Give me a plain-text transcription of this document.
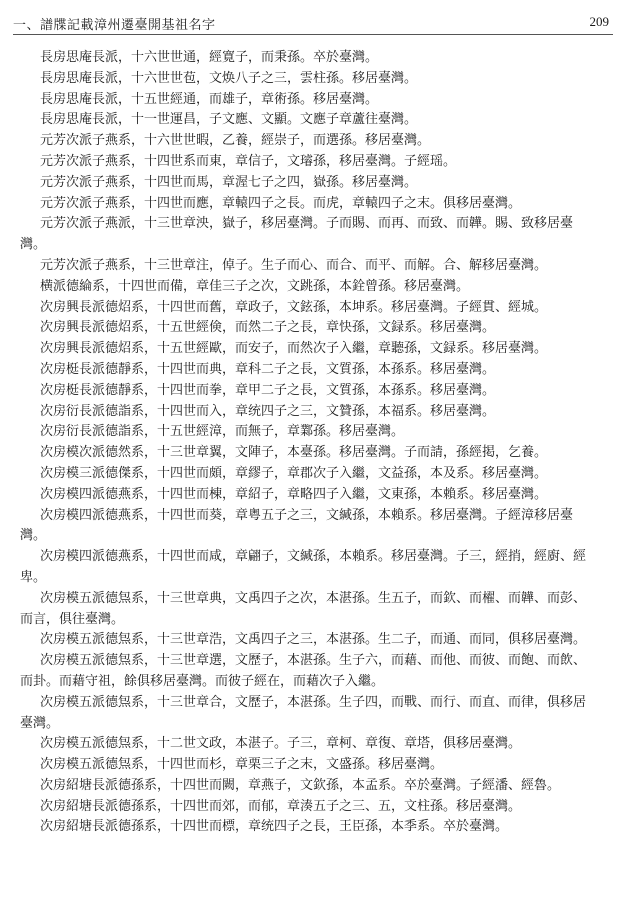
一、譜牒記載漳州遷臺開基祖名字	209
長房思庵長派，十六世世通，經寛子，而秉孫。卒於臺灣。
長房思庵長派，十六世世苞，文焕八子之三，雲柱孫。移居臺灣。
長房思庵長派，十五世經通，而雄子，章術孫。移居臺灣。
長房思庵長派，十一世運昌，子文應、文顯。文應子章蘆往臺灣。
元芳次派子燕系，十六世世暇，乙養，經崇子，而選孫。移居臺灣。
元芳次派子燕系，十四世系而東，章信子，文璿孫，移居臺灣。子經瑶。
元芳次派子燕系，十四世而馬，章渥七子之四，嶽孫。移居臺灣。
元芳次派子燕系，十四世而應，章轅四子之長。而虎，章轅四子之末。俱移居臺灣。
元芳次派子燕派，十三世章泱，嶽子，移居臺灣。子而賜、而再、而致、而韡。賜、致移居臺灣。
元芳次派子燕系，十三世章注，倬子。生子而心、而合、而平、而解。合、解移居臺灣。
横派德綸系，十四世而備，章佳三子之次，文跳孫，本銓曾孫。移居臺灣。
次房興長派德炤系，十四世而舊，章政子，文鉉孫，本坤系。移居臺灣。子經貫、經城。
次房興長派德炤系，十五世經倹，而然二子之長，章快孫，文録系。移居臺灣。
次房興長派德炤系，十五世經歐，而安子，而然次子入繼，章聽孫，文録系。移居臺灣。
次房梃長派德靜系，十四世而典，章科二子之長，文質孫，本孫系。移居臺灣。
次房梃長派德靜系，十四世而拳，章甲二子之長，文質孫，本孫系。移居臺灣。
次房衍長派德詣系，十四世而入，章统四子之三，文贊孫，本福系。移居臺灣。
次房衍長派德詣系，十五世經漳，而無子，章鄴孫。移居臺灣。
次房模次派德然系，十三世章翼，文陣子，本臺孫。移居臺灣。子而請，孫經掲，乞養。
次房模三派德傑系，十四世而頗，章繆子，章郡次子入繼，文益孫，本及系。移居臺灣。
次房模四派德燕系，十四世而棟，章紹子，章略四子入繼，文東孫，本賴系。移居臺灣。
次房模四派德燕系，十四世而葵，章粤五子之三，文緘孫，本賴系。移居臺灣。子經漳移居臺灣。
次房模四派德燕系，十四世而咸，章翩子，文緘孫，本賴系。移居臺灣。子三，經捎，經廚、經卑。
次房模五派德炰系，十三世章典，文禹四子之次，本湛孫。生五子，而欽、而櫂、而韡、而彭、而言，俱往臺灣。
次房模五派德炰系，十三世章浩，文禹四子之三，本湛孫。生二子，而通、而同，俱移居臺灣。
次房模五派德炰系，十三世章選，文歷子，本湛孫。生子六，而藉、而他、而彼、而飽、而飲、而卦。而藉守祖，餘俱移居臺灣。而彼子經在，而藉次子入繼。
次房模五派德炰系，十三世章合，文歷子，本湛孫。生子四，而戰、而行、而直、而律，俱移居臺灣。
次房模五派德炰系，十二世文政，本湛子。子三，章柯、章復、章塔，俱移居臺灣。
次房模五派德炰系，十四世而杉，章栗三子之末，文盛孫。移居臺灣。
次房紹塘長派德孫系，十四世而闕，章燕子，文欽孫，本孟系。卒於臺灣。子經潘、經魯。
次房紹塘長派德孫系，十四世而郊，而郁，章湊五子之三、五，文柱孫。移居臺灣。
次房紹塘長派德孫系，十四世而標，章统四子之長，王臣孫，本季系。卒於臺灣。
